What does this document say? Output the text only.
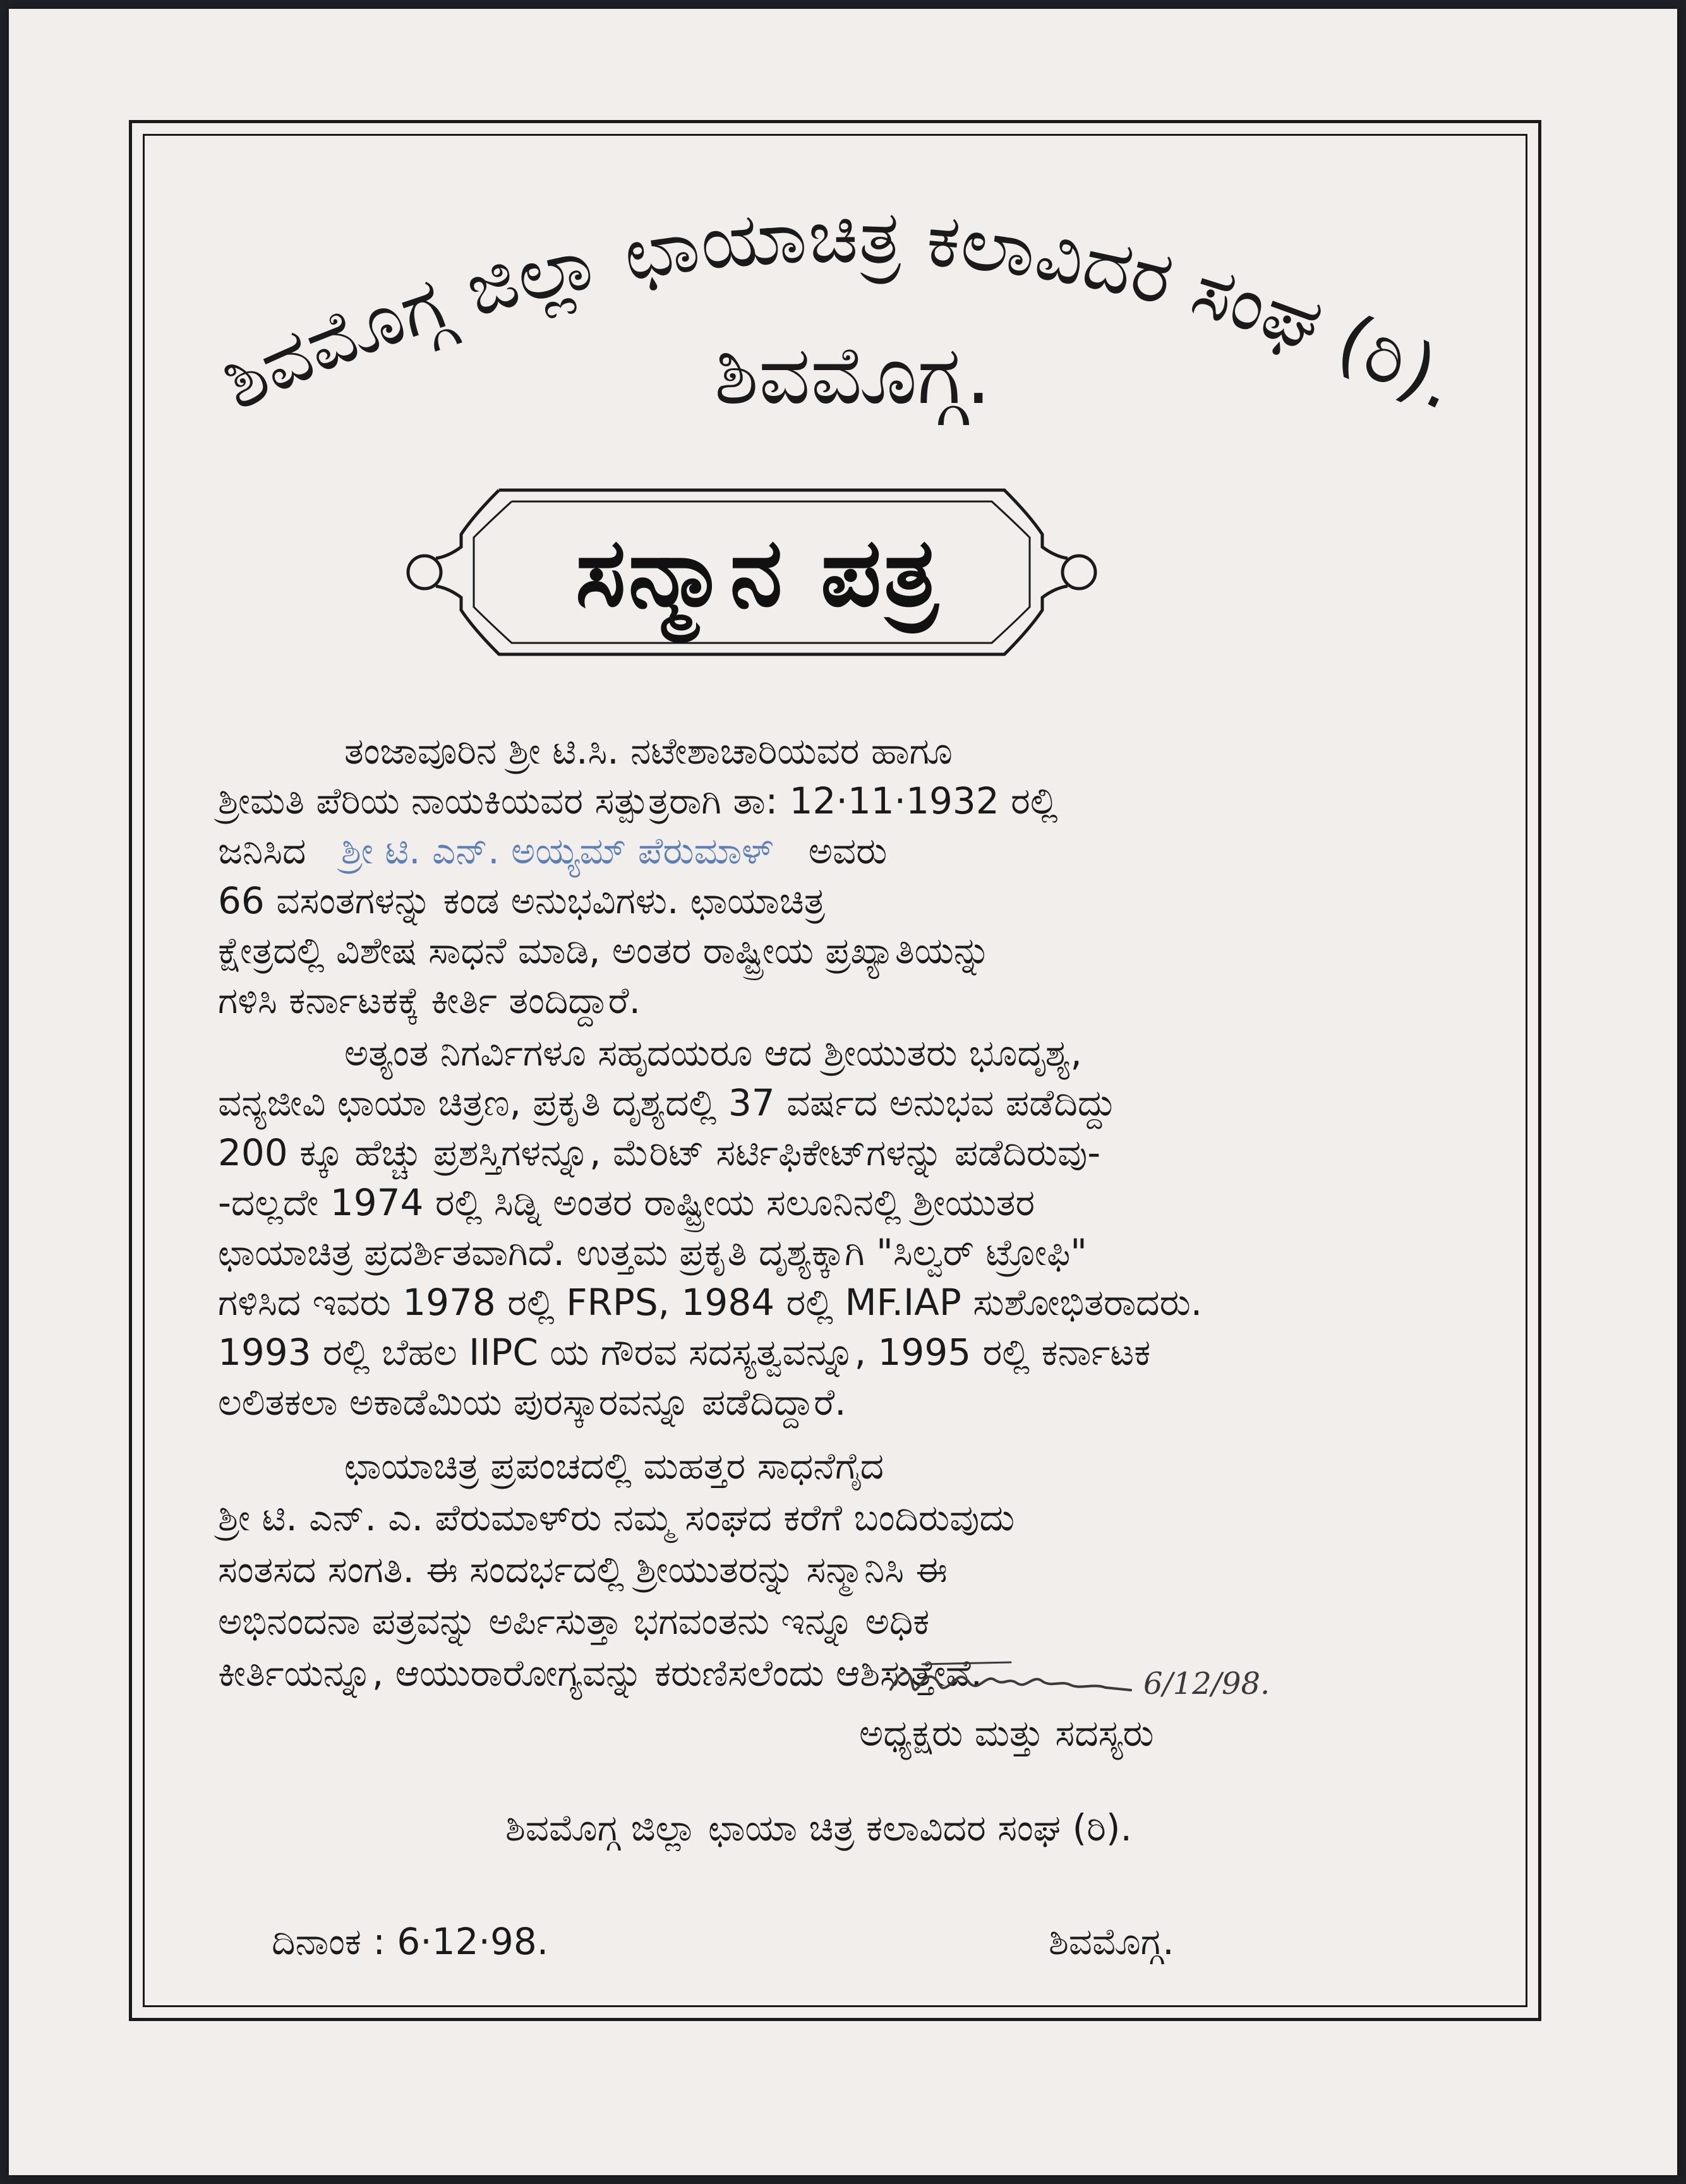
ಶಿವಮೊಗ್ಗ ಜಿಲ್ಲಾ ಛಾಯಾಚಿತ್ರ ಕಲಾವಿದರ ಸಂಘ (ರಿ).
ಶಿವಮೊಗ್ಗ.
ಸನ್ಮಾನ ಪತ್ರ
ತಂಜಾವೂರಿನ ಶ್ರೀ ಟಿ.ಸಿ. ನಟೇಶಾಚಾರಿಯವರ ಹಾಗೂ
ಶ್ರೀಮತಿ ಪೆರಿಯ ನಾಯಕಿಯವರ ಸತ್ಪುತ್ರರಾಗಿ ತಾ: 12·11·1932 ರಲ್ಲಿ
ಜನಿಸಿದ ಶ್ರೀ ಟಿ. ಎನ್. ಅಯ್ಯಮ್ ಪೆರುಮಾಳ್ ಅವರು
66 ವಸಂತಗಳನ್ನು ಕಂಡ ಅನುಭವಿಗಳು. ಛಾಯಾಚಿತ್ರ
ಕ್ಷೇತ್ರದಲ್ಲಿ ವಿಶೇಷ ಸಾಧನೆ ಮಾಡಿ, ಅಂತರ ರಾಷ್ಟ್ರೀಯ ಪ್ರಖ್ಯಾತಿಯನ್ನು
ಗಳಿಸಿ ಕರ್ನಾಟಕಕ್ಕೆ ಕೀರ್ತಿ ತಂದಿದ್ದಾರೆ.
ಅತ್ಯಂತ ನಿಗರ್ವಿಗಳೂ ಸಹೃದಯರೂ ಆದ ಶ್ರೀಯುತರು ಭೂದೃಶ್ಯ,
ವನ್ಯಜೀವಿ ಛಾಯಾ ಚಿತ್ರಣ, ಪ್ರಕೃತಿ ದೃಶ್ಯದಲ್ಲಿ 37 ವರ್ಷದ ಅನುಭವ ಪಡೆದಿದ್ದು
200 ಕ್ಕೂ ಹೆಚ್ಚು ಪ್ರಶಸ್ತಿಗಳನ್ನೂ, ಮೆರಿಟ್ ಸರ್ಟಿಫಿಕೇಟ್‌ಗಳನ್ನು ಪಡೆದಿರುವು-
-ದಲ್ಲದೇ 1974 ರಲ್ಲಿ ಸಿಡ್ನಿ ಅಂತರ ರಾಷ್ಟ್ರೀಯ ಸಲೂನಿನಲ್ಲಿ ಶ್ರೀಯುತರ
ಛಾಯಾಚಿತ್ರ ಪ್ರದರ್ಶಿತವಾಗಿದೆ. ಉತ್ತಮ ಪ್ರಕೃತಿ ದೃಶ್ಯಕ್ಕಾಗಿ "ಸಿಲ್ವರ್ ಟ್ರೋಫಿ"
ಗಳಿಸಿದ ಇವರು 1978 ರಲ್ಲಿ FRPS, 1984 ರಲ್ಲಿ MF.IAP ಸುಶೋಭಿತರಾದರು.
1993 ರಲ್ಲಿ ಬೆಹಲ IIPC ಯ ಗೌರವ ಸದಸ್ಯತ್ವವನ್ನೂ, 1995 ರಲ್ಲಿ ಕರ್ನಾಟಕ
ಲಲಿತಕಲಾ ಅಕಾಡೆಮಿಯ ಪುರಸ್ಕಾರವನ್ನೂ ಪಡೆದಿದ್ದಾರೆ.
ಛಾಯಾಚಿತ್ರ ಪ್ರಪಂಚದಲ್ಲಿ ಮಹತ್ತರ ಸಾಧನೆಗೈದ
ಶ್ರೀ ಟಿ. ಎನ್. ಎ. ಪೆರುಮಾಳ್‌ರು ನಮ್ಮ ಸಂಘದ ಕರೆಗೆ ಬಂದಿರುವುದು
ಸಂತಸದ ಸಂಗತಿ. ಈ ಸಂದರ್ಭದಲ್ಲಿ ಶ್ರೀಯುತರನ್ನು ಸನ್ಮಾನಿಸಿ ಈ
ಅಭಿನಂದನಾ ಪತ್ರವನ್ನು ಅರ್ಪಿಸುತ್ತಾ ಭಗವಂತನು ಇನ್ನೂ ಅಧಿಕ
ಕೀರ್ತಿಯನ್ನೂ, ಆಯುರಾರೋಗ್ಯವನ್ನು ಕರುಣಿಸಲೆಂದು ಆಶಿಸುತ್ತೇವೆ.	6/12/98.
ಅಧ್ಯಕ್ಷರು ಮತ್ತು ಸದಸ್ಯರು
ಶಿವಮೊಗ್ಗ ಜಿಲ್ಲಾ ಛಾಯಾ ಚಿತ್ರ ಕಲಾವಿದರ ಸಂಘ (ರಿ).
ದಿನಾಂಕ : 6·12·98.	ಶಿವಮೊಗ್ಗ.
